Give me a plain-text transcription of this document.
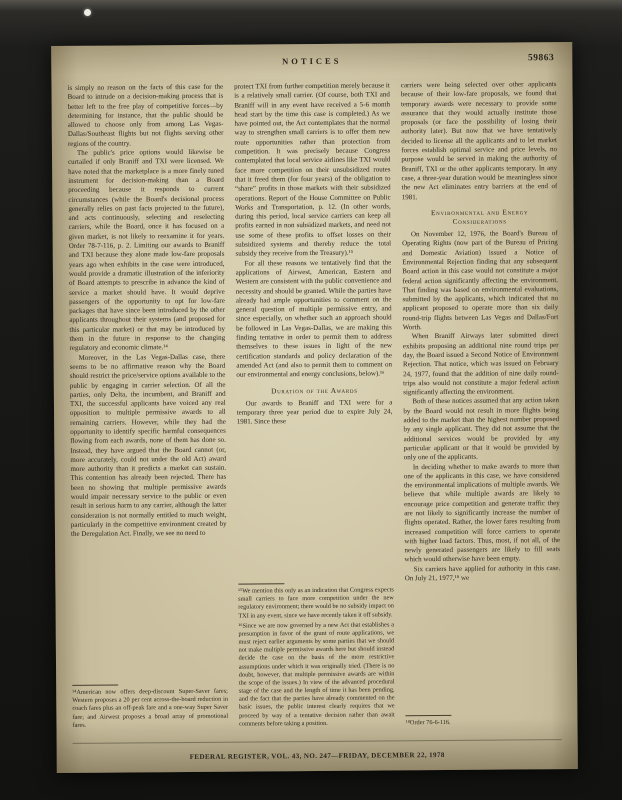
NOTICES	59863

is simply no reason on the facts of this case for the Board to intrude on a decision-making process that is better left to the free play of competitive forces—by determining for instance, that the public should be allowed to choose only from among Las Vegas-Dallas/Southeast flights but not flights serving other regions of the country.

The public's price options would likewise be curtailed if only Braniff and TXI were licensed. We have noted that the marketplace is a more finely tuned instrument for decision-making than a Board proceeding because it responds to current circumstances (while the Board's decisional process generally relies on past facts projected to the future), and acts continuously, selecting and reselecting carriers, while the Board, once it has focused on a given market, is not likely to reexamine it for years. Order 78-7-116, p. 2. Limiting our awards to Braniff and TXI because they alone made low-fare proposals years ago when exhibits in the case were introduced, would provide a dramatic illustration of the inferiority of Board attempts to prescribe in advance the kind of service a market should have. It would deprive passengers of the opportunity to opt for low-fare packages that have since been introduced by the other applicants throughout their systems (and proposed for this particular market) or that may be introduced by them in the future in response to the changing regulatory and economic climate.¹⁴

Moreover, in the Las Vegas-Dallas case, there seems to be no affirmative reason why the Board should restrict the price/service options available to the public by engaging in carrier selection. Of all the parties, only Delta, the incumbent, and Braniff and TXI, the successful applicants have voiced any real opposition to multiple permissive awards to all remaining carriers. However, while they had the opportunity to identify specific harmful consequences flowing from each awards, none of them has done so. Instead, they have argued that the Board cannot (or, more accurately, could not under the old Act) award more authority than it predicts a market can sustain. This contention has already been rejected. There has been no showing that multiple permissive awards would impair necessary service to the public or even result in serious harm to any carrier, although the latter consideration is not normally entitled to much weight, particularly in the competitive environment created by the Deregulation Act. Finally, we see no need to

¹⁴American now offers deep-discount Super-Saver fares; Western proposes a 20 per cent across-the-board reduction in coach fares plus an off-peak fare and a one-way Super Saver fare; and Airwest proposes a broad array of promotional fares.

protect TXI from further competition merely because it is a relatively small carrier. (Of course, both TXI and Braniff will in any event have received a 5-6 month head start by the time this case is completed.) As we have pointed out, the Act contemplates that the normal way to strengthen small carriers is to offer them new route opportunities rather than protection from competition. It was precisely because Congress contemplated that local service airlines like TXI would face more competition on their unsubsidized routes that it freed them (for four years) of the obligation to “share” profits in those markets with their subsidized operations. Report of the House Committee on Public Works and Transportation, p. 12. (In other words, during this period, local service carriers can keep all profits earned in non subsidized markets, and need not use some of these profits to offset losses on their subsidized systems and thereby reduce the total subsidy they receive from the Treasury).¹⁵

For all these reasons we tentatively find that the applications of Airwest, American, Eastern and Western are consistent with the public convenience and necessity and should be granted. While the parties have already had ample opportunities to comment on the general question of multiple permissive entry, and since especially, on whether such an approach should be followed in Las Vegas-Dallas, we are making this finding tentative in order to permit them to address themselves to these issues in light of the new certification standards and policy declaration of the amended Act (and also to permit them to comment on our environmental and energy conclusions, below).¹⁶

Duration of the Awards

Our awards to Braniff and TXI were for a temporary three year period due to expire July 24, 1981. Since these

¹⁵We mention this only as an indication that Congress expects small carriers to face more competition under the new regulatory environment; there would be no subsidy impact on TXI in any event, since we have recently taken it off subsidy.

¹⁶Since we are now governed by a new Act that establishes a presumption in favor of the grant of route applications, we must reject earlier arguments by some parties that we should not make multiple permissive awards here but should instead decide the case on the basis of the more restrictive assumptions under which it was originally tried. (There is no doubt, however, that multiple permissive awards are within the scope of the issues.) In view of the advanced procedural stage of the case and the length of time it has been pending, and the fact that the parties have already commented on the basic issues, the public interest clearly requires that we proceed by way of a tentative decision rather than await comments before taking a position.

carriers were being selected over other applicants because of their low-fare proposals, we found that temporary awards were necessary to provide some assurance that they would actually institute those proposals (or face the possibility of losing their authority later). But now that we have tentatively decided to license all the applicants and to let market forces establish optimal service and price levels, no purpose would be served in making the authority of Braniff, TXI or the other applicants temporary. In any case, a three-year duration would be meaningless since the new Act eliminates entry barriers at the end of 1981.

Environmental and Energy Considerations

On November 12, 1976, the Board's Bureau of Operating Rights (now part of the Bureau of Pricing and Domestic Aviation) issued a Notice of Environmental Rejection finding that any subsequent Board action in this case would not constitute a major federal action significantly affecting the environment. That finding was based on environmental evaluations, submitted by the applicants, which indicated that no applicant proposed to operate more than six daily round-trip flights between Las Vegas and Dallas/Fort Worth.

When Braniff Airways later submitted direct exhibits proposing an additional nine round trips per day, the Board issued a Second Notice of Environment Rejection. That notice, which was issued on February 24, 1977, found that the addition of nine daily round-trips also would not constitute a major federal action significantly affecting the environment.

Both of these notices assumed that any action taken by the Board would not result in more flights being added to the market than the highest number proposed by any single applicant. They did not assume that the additional services would be provided by any particular applicant or that it would be provided by only one of the applicants.

In deciding whether to make awards to more than one of the applicants in this case, we have considered the environmental implications of multiple awards. We believe that while multiple awards are likely to encourage price competition and generate traffic they are not likely to significantly increase the number of flights operated. Rather, the lower fares resulting from increased competition will force carriers to operate with higher load factors. Thus, most, if not all, of the newly generated passengers are likely to fill seats which would otherwise have been empty.

Six carriers have applied for authority in this case. On July 21, 1977,¹⁸ we

¹⁸Order 76-6-116.

FEDERAL REGISTER, VOL. 43, NO. 247—FRIDAY, DECEMBER 22, 1978
